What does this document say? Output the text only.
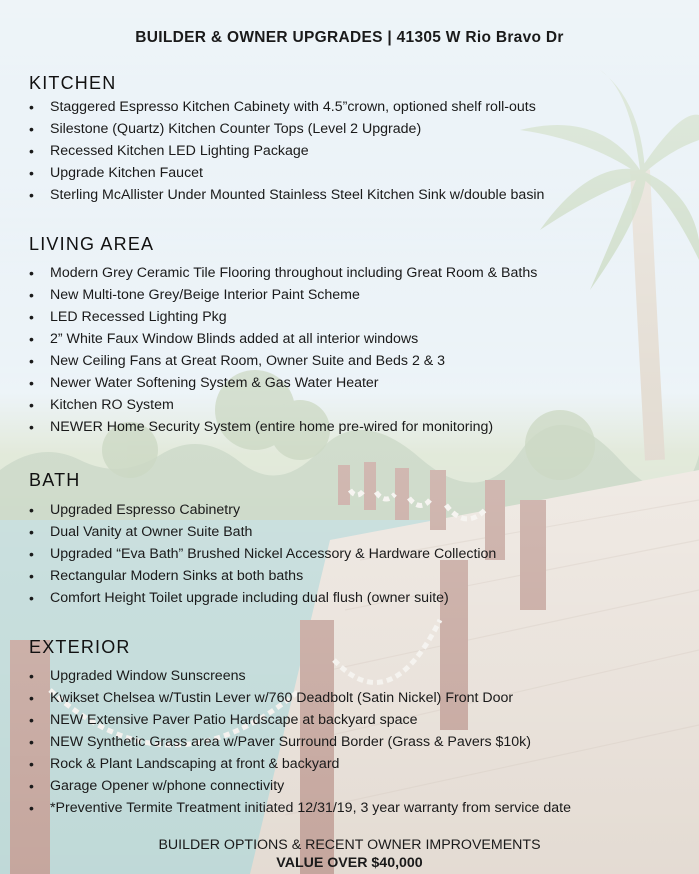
BUILDER & OWNER UPGRADES | 41305 W Rio Bravo Dr
KITCHEN
• Staggered Espresso Kitchen Cabinety with 4.5”crown, optioned shelf roll-outs
• Silestone (Quartz) Kitchen Counter Tops (Level 2 Upgrade)
• Recessed Kitchen LED Lighting Package
• Upgrade Kitchen Faucet
• Sterling McAllister Under Mounted Stainless Steel Kitchen Sink w/double basin
LIVING AREA
• Modern Grey Ceramic Tile Flooring throughout including Great Room & Baths
• New Multi-tone Grey/Beige Interior Paint Scheme
• LED Recessed Lighting Pkg
• 2” White Faux Window Blinds added at all interior windows
• New Ceiling Fans at Great Room, Owner Suite and Beds 2 & 3
• Newer Water Softening System & Gas Water Heater
• Kitchen RO System
• NEWER Home Security System (entire home pre-wired for monitoring)
BATH
• Upgraded Espresso Cabinetry
• Dual Vanity at Owner Suite Bath
• Upgraded “Eva Bath” Brushed Nickel Accessory & Hardware Collection
• Rectangular Modern Sinks at both baths
• Comfort Height Toilet upgrade including dual flush (owner suite)
EXTERIOR
• Upgraded Window Sunscreens
• Kwikset Chelsea w/Tustin Lever w/760 Deadbolt (Satin Nickel) Front Door
• NEW Extensive Paver Patio Hardscape at backyard space
• NEW Synthetic Grass area w/Paver Surround Border (Grass & Pavers $10k)
• Rock & Plant Landscaping at front & backyard
• Garage Opener w/phone connectivity
• *Preventive Termite Treatment initiated 12/31/19, 3 year warranty from service date
BUILDER OPTIONS & RECENT OWNER IMPROVEMENTS
VALUE OVER $40,000
